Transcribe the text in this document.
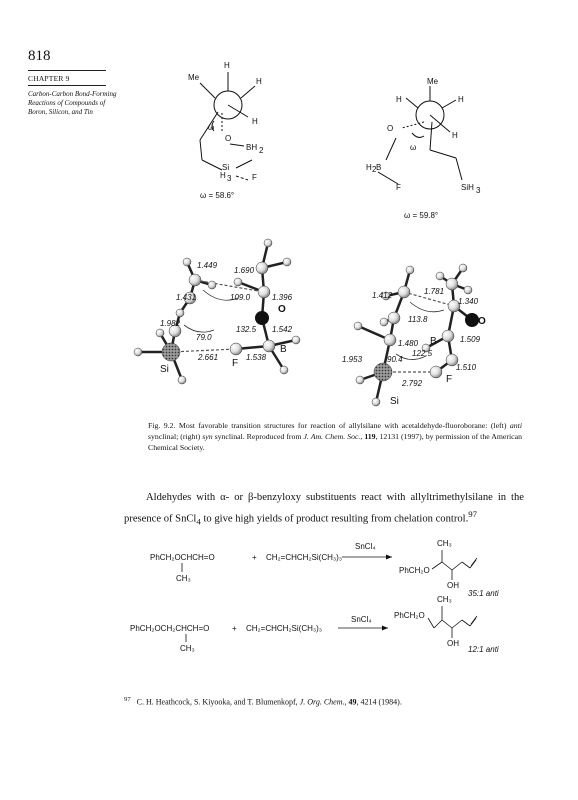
818
CHAPTER 9
Carbon-Carbon Bond-Forming Reactions of Compounds of Boron, Silicon, and Tin
H
Me	H
H
ω
O
BH 2
Si
H 3	F
ω = 58.6°
Me
H	H
O
H
ω
H 2 B
F	SiH 3
ω = 59.8°
1.449
1.690
1.431	109.0	1.396
1.982
79.0
132.5 1.542
2.661	1.538
O
B
F
Si
1.781
1.412
1.340
113.8
1.480	1.509
1.953	90.4
122.5
1.510
2.792
O
B
F
Si
PhCH₂OCHCH=O
CH₃
+ CH₂=CHCH₂Si(CH₃)₃
SnCl₄
PhCH₂O
CH₃
OH
35:1 anti
PhCH₂OCH₂CHCH=O
CH₃
+ CH₂=CHCH₂Si(CH₃)₃
SnCl₄	PhCH₂O
CH₃
OH
12:1 anti
Fig. 9.2. Most favorable transition structures for reaction of allylsilane with acetaldehyde-fluoroborane: (left) anti synclinal; (right) syn synclinal. Reproduced from J. Am. Chem. Soc., 119, 12131 (1997), by permission of the American Chemical Society.
Aldehydes with α- or β-benzyloxy substituents react with allyltrimethylsilane in the presence of SnCl$_4$ to give high yields of product resulting from chelation control.$^{97}$
$^{97}$ C. H. Heathcock, S. Kiyooka, and T. Blumenkopf, J. Org. Chem., 49, 4214 (1984).
